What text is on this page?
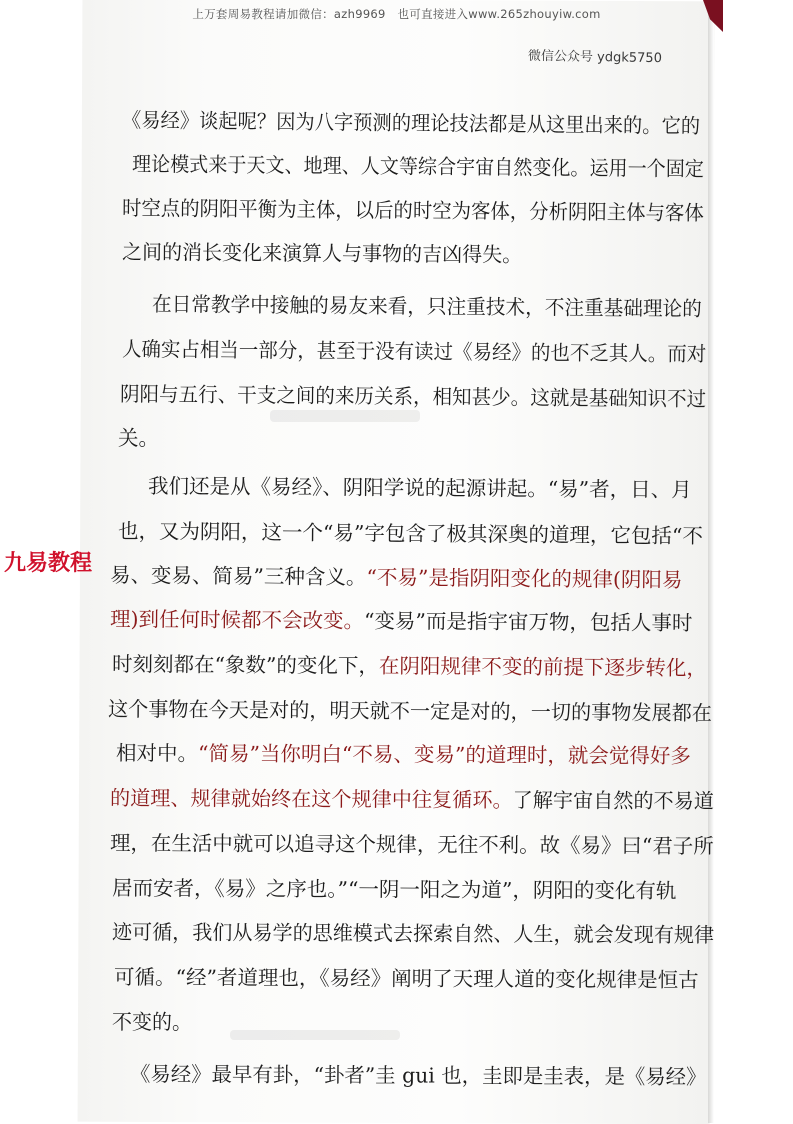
上万套周易教程请加微信：azh9969　也可直接进入www.265zhouyiw.com
微信公众号 ydgk5750
九易教程
《易经》谈起呢？因为八字预测的理论技法都是从这里出来的。它的
理论模式来于天文、地理、人文等综合宇宙自然变化。运用一个固定
时空点的阴阳平衡为主体，以后的时空为客体，分析阴阳主体与客体
之间的消长变化来演算人与事物的吉凶得失。
在日常教学中接触的易友来看，只注重技术，不注重基础理论的
人确实占相当一部分，甚至于没有读过《易经》的也不乏其人。而对
阴阳与五行、干支之间的来历关系，相知甚少。这就是基础知识不过
关。
我们还是从《易经》、阴阳学说的起源讲起。“易”者，日、月
也，又为阴阳，这一个“易”字包含了极其深奥的道理，它包括“不
易、变易、简易”三种含义。“不易”是指阴阳变化的规律(阴阳易
理)到任何时候都不会改变。“变易”而是指宇宙万物，包括人事时
时刻刻都在“象数”的变化下，在阴阳规律不变的前提下逐步转化，
这个事物在今天是对的，明天就不一定是对的，一切的事物发展都在
相对中。“简易”当你明白“不易、变易”的道理时，就会觉得好多
的道理、规律就始终在这个规律中往复循环。了解宇宙自然的不易道
理，在生活中就可以追寻这个规律，无往不利。故《易》曰“君子所
居而安者，《易》之序也。”“一阴一阳之为道”，阴阳的变化有轨
迹可循，我们从易学的思维模式去探索自然、人生，就会发现有规律
可循。“经”者道理也，《易经》阐明了天理人道的变化规律是恒古
不变的。
《易经》最早有卦，“卦者”圭 gui 也，圭即是圭表，是《易经》
